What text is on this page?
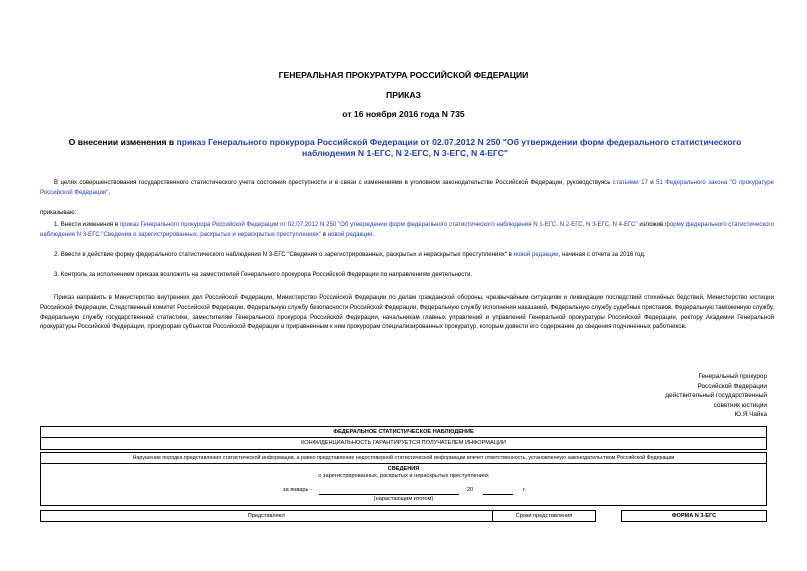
ГЕНЕРАЛЬНАЯ ПРОКУРАТУРА РОССИЙСКОЙ ФЕДЕРАЦИИ
ПРИКАЗ
от 16 ноября 2016 года N 735
О внесении изменения в приказ Генерального прокурора Российской Федерации от 02.07.2012 N 250 "Об утверждении форм федерального статистического наблюдения N 1-ЕГС, N 2-ЕГС, N 3-ЕГС, N 4-ЕГС"
В целях совершенствования государственного статистического учета состояния преступности и в связи с изменениями в уголовном законодательстве Российской Федерации, руководствуясь статьями 17 и 51 Федерального закона "О прокуратуре Российской Федерации",
приказываю:
1. Внести изменения в приказ Генерального прокурора Российской Федерации от 02.07.2012 N 250 "Об утверждении форм федерального статистического наблюдения N 1-ЕГС, N 2-ЕГС, N 3-ЕГС, N 4-ЕГС" изложив форму федерального статистического наблюдения N 3-ЕГС "Сведения о зарегистрированных, раскрытых и нераскрытых преступлениях" в новой редакции.
2. Ввести в действие форму федерального статистического наблюдения N 3-ЕГС "Сведения о зарегистрированных, раскрытых и нераскрытых преступлениях" в новой редакции, начиная с отчета за 2016 год.
3. Контроль за исполнением приказа возложить на заместителей Генерального прокурора Российской Федерации по направлениям деятельности.
Приказ направить в Министерство внутренних дел Российской Федерации, Министерство Российской Федерации по делам гражданской обороны, чрезвычайным ситуациям и ликвидации последствий стихийных бедствий, Министерство юстиции Российской Федерации, Следственный комитет Российской Федерации, Федеральную службу безопасности Российской Федерации, Федеральную службу исполнения наказаний, Федеральную службу судебных приставов, Федеральную таможенную службу, Федеральную службу государственной статистики, заместителям Генерального прокурора Российской Федерации, начальникам главных управлений и управлений Генеральной прокуратуры Российской Федерации, ректору Академии Генеральной прокуратуры Российской Федерации, прокурорам субъектов Российской Федерации и приравненным к ним прокурорам специализированных прокуратур, которым довести его содержание до сведения подчиненных работников.
Генеральный прокурор
Российской Федерации
действительный государственный
советник юстиции
Ю.Я.Чайка
ФЕДЕРАЛЬНОЕ СТАТИСТИЧЕСКОЕ НАБЛЮДЕНИЕ
КОНФИДЕНЦИАЛЬНОСТЬ ГАРАНТИРУЕТСЯ ПОЛУЧАТЕЛЕМ ИНФОРМАЦИИ
Нарушение порядка представления статистической информации, а равно представление недостоверной статистической информации влечет ответственность, установленную законодательством Российской Федерации
СВЕДЕНИЯ
о зарегистрированных, раскрытых и нераскрытых преступлениях
за январь -	20	г.
(нарастающим итогом)
Представляют	Сроки представления	ФОРМА N 3-ЕГС
